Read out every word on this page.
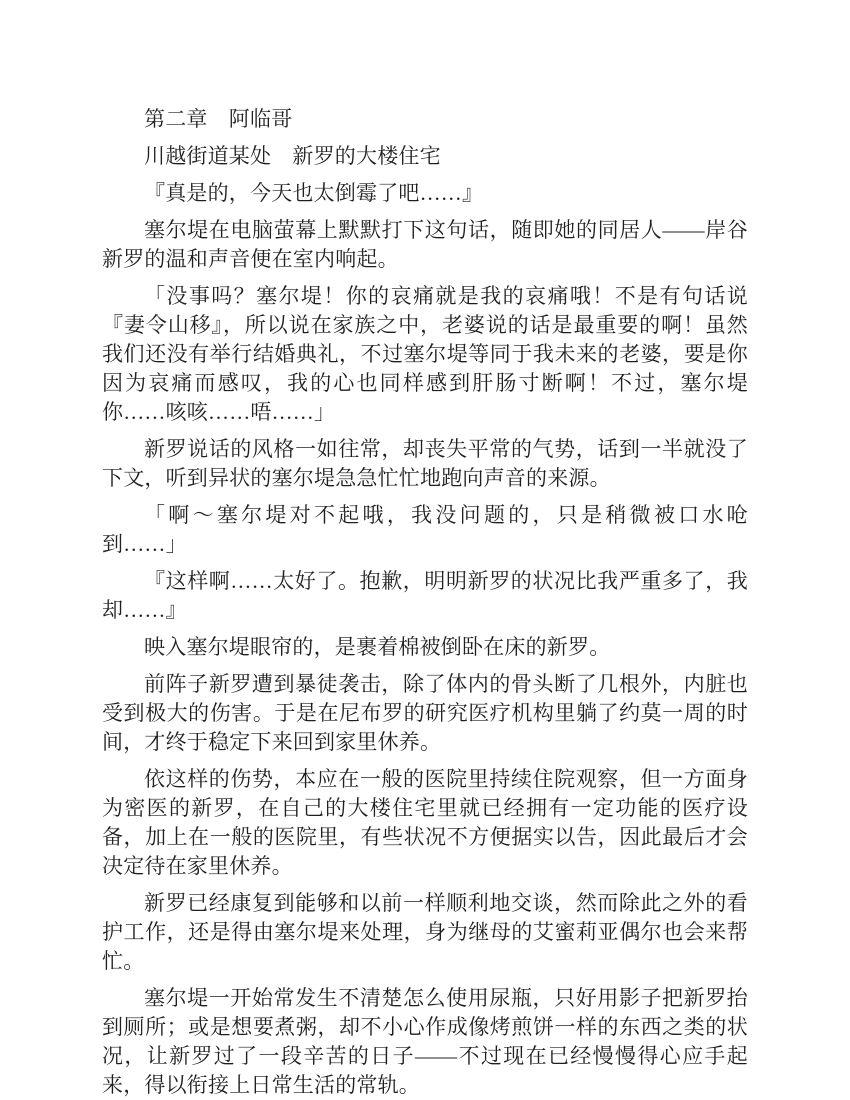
第二章　阿临哥

川越街道某处　新罗的大楼住宅

『真是的，今天也太倒霉了吧……』

塞尔堤在电脑萤幕上默默打下这句话，随即她的同居人——岸谷新罗的温和声音便在室内响起。

「没事吗？塞尔堤！你的哀痛就是我的哀痛哦！不是有句话说『妻令山移』，所以说在家族之中，老婆说的话是最重要的啊！虽然我们还没有举行结婚典礼，不过塞尔堤等同于我未来的老婆，要是你因为哀痛而感叹，我的心也同样感到肝肠寸断啊！不过，塞尔堤你……咳咳……唔……」

新罗说话的风格一如往常，却丧失平常的气势，话到一半就没了下文，听到异状的塞尔堤急急忙忙地跑向声音的来源。

「啊～塞尔堤对不起哦，我没问题的，只是稍微被口水呛到……」

『这样啊……太好了。抱歉，明明新罗的状况比我严重多了，我却……』

映入塞尔堤眼帘的，是裹着棉被倒卧在床的新罗。

前阵子新罗遭到暴徒袭击，除了体内的骨头断了几根外，内脏也受到极大的伤害。于是在尼布罗的研究医疗机构里躺了约莫一周的时间，才终于稳定下来回到家里休养。

依这样的伤势，本应在一般的医院里持续住院观察，但一方面身为密医的新罗，在自己的大楼住宅里就已经拥有一定功能的医疗设备，加上在一般的医院里，有些状况不方便据实以告，因此最后才会决定待在家里休养。

新罗已经康复到能够和以前一样顺利地交谈，然而除此之外的看护工作，还是得由塞尔堤来处理，身为继母的艾蜜莉亚偶尔也会来帮忙。

塞尔堤一开始常发生不清楚怎么使用尿瓶，只好用影子把新罗抬到厕所；或是想要煮粥，却不小心作成像烤煎饼一样的东西之类的状况，让新罗过了一段辛苦的日子——不过现在已经慢慢得心应手起来，得以衔接上日常生活的常轨。
